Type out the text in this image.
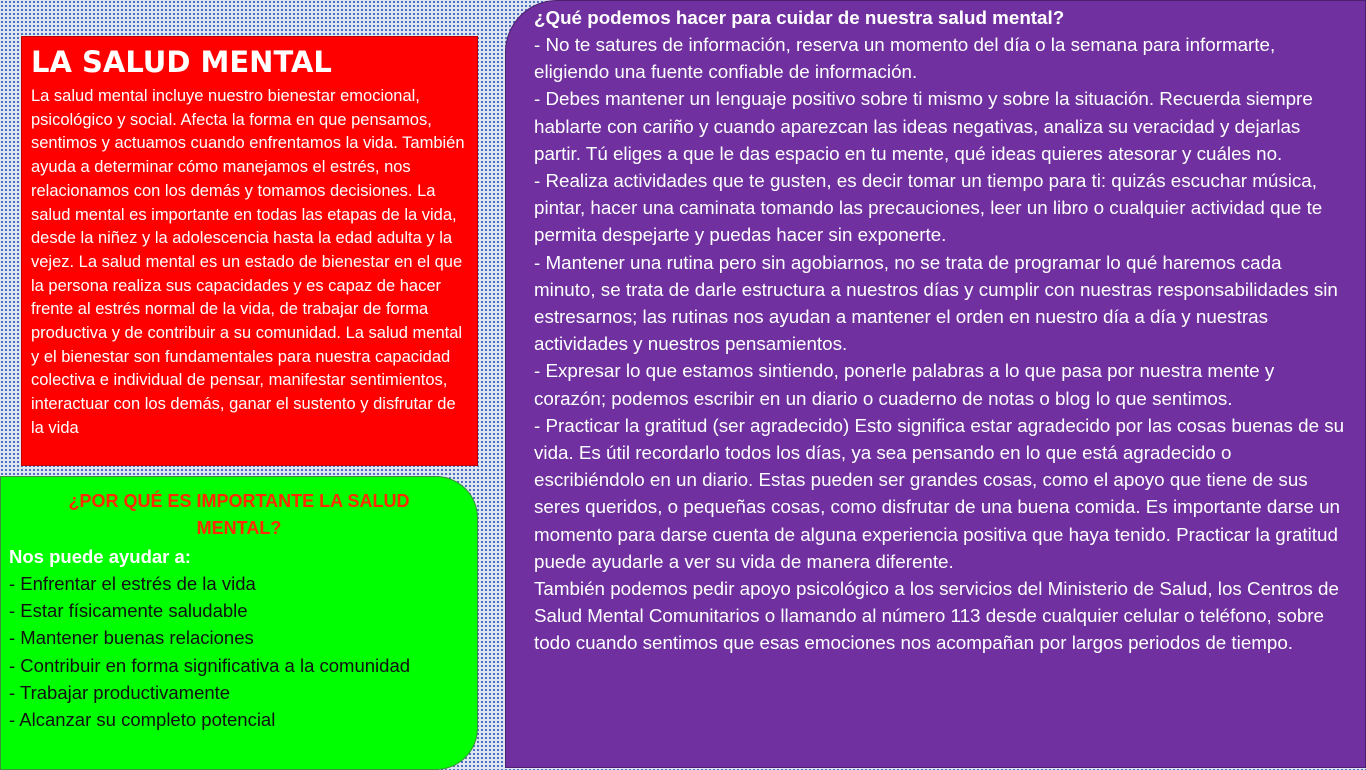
LA SALUD MENTAL

La salud mental incluye nuestro bienestar emocional, psicológico y social. Afecta la forma en que pensamos, sentimos y actuamos cuando enfrentamos la vida. También ayuda a determinar cómo manejamos el estrés, nos relacionamos con los demás y tomamos decisiones. La salud mental es importante en todas las etapas de la vida, desde la niñez y la adolescencia hasta la edad adulta y la vejez. La salud mental es un estado de bienestar en el que la persona realiza sus capacidades y es capaz de hacer frente al estrés normal de la vida, de trabajar de forma productiva y de contribuir a su comunidad. La salud mental y el bienestar son fundamentales para nuestra capacidad colectiva e individual de pensar, manifestar sentimientos, interactuar con los demás, ganar el sustento y disfrutar de la vida

¿POR QUÉ ES IMPORTANTE LA SALUD MENTAL?
Nos puede ayudar a:
- Enfrentar el estrés de la vida
- Estar físicamente saludable
- Mantener buenas relaciones
- Contribuir en forma significativa a la comunidad
- Trabajar productivamente
- Alcanzar su completo potencial
¿Qué podemos hacer para cuidar de nuestra salud mental?

- No te satures de información, reserva un momento del día o la semana para informarte, eligiendo una fuente confiable de información.

- Debes mantener un lenguaje positivo sobre ti mismo y sobre la situación. Recuerda siempre hablarte con cariño y cuando aparezcan las ideas negativas, analiza su veracidad y dejarlas partir. Tú eliges a que le das espacio en tu mente, qué ideas quieres atesorar y cuáles no.

- Realiza actividades que te gusten, es decir tomar un tiempo para ti: quizás escuchar música, pintar, hacer una caminata tomando las precauciones, leer un libro o cualquier actividad que te permita despejarte y puedas hacer sin exponerte.

- Mantener una rutina pero sin agobiarnos, no se trata de programar lo qué haremos cada minuto, se trata de darle estructura a nuestros días y cumplir con nuestras responsabilidades sin estresarnos; las rutinas nos ayudan a mantener el orden en nuestro día a día y nuestras actividades y nuestros pensamientos.

- Expresar lo que estamos sintiendo, ponerle palabras a lo que pasa por nuestra mente y corazón; podemos escribir en un diario o cuaderno de notas o blog lo que sentimos.

- Practicar la gratitud (ser agradecido) Esto significa estar agradecido por las cosas buenas de su vida. Es útil recordarlo todos los días, ya sea pensando en lo que está agradecido o escribiéndolo en un diario. Estas pueden ser grandes cosas, como el apoyo que tiene de sus seres queridos, o pequeñas cosas, como disfrutar de una buena comida. Es importante darse un momento para darse cuenta de alguna experiencia positiva que haya tenido. Practicar la gratitud puede ayudarle a ver su vida de manera diferente.

También podemos pedir apoyo psicológico a los servicios del Ministerio de Salud, los Centros de Salud Mental Comunitarios o llamando al número 113 desde cualquier celular o teléfono, sobre todo cuando sentimos que esas emociones nos acompañan por largos periodos de tiempo.
